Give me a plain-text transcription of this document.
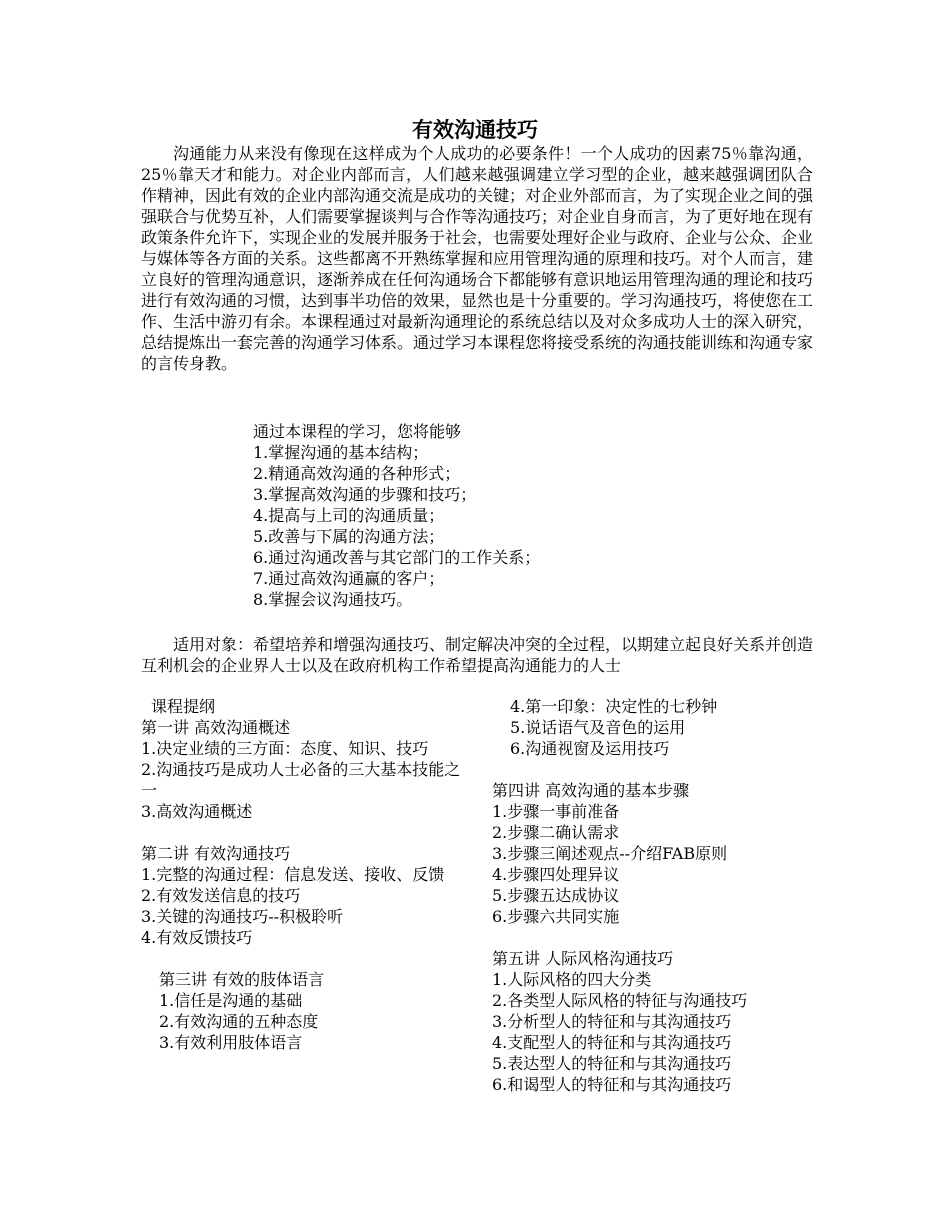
有效沟通技巧

沟通能力从来没有像现在这样成为个人成功的必要条件！一个人成功的因素75％靠沟通，25％靠天才和能力。对企业内部而言，人们越来越强调建立学习型的企业，越来越强调团队合作精神，因此有效的企业内部沟通交流是成功的关键；对企业外部而言，为了实现企业之间的强强联合与优势互补，人们需要掌握谈判与合作等沟通技巧；对企业自身而言，为了更好地在现有政策条件允许下，实现企业的发展并服务于社会，也需要处理好企业与政府、企业与公众、企业与媒体等各方面的关系。这些都离不开熟练掌握和应用管理沟通的原理和技巧。对个人而言，建立良好的管理沟通意识，逐渐养成在任何沟通场合下都能够有意识地运用管理沟通的理论和技巧进行有效沟通的习惯，达到事半功倍的效果，显然也是十分重要的。学习沟通技巧，将使您在工作、生活中游刃有余。本课程通过对最新沟通理论的系统总结以及对众多成功人士的深入研究，总结提炼出一套完善的沟通学习体系。通过学习本课程您将接受系统的沟通技能训练和沟通专家的言传身教。

通过本课程的学习，您将能够
1.掌握沟通的基本结构；
2.精通高效沟通的各种形式；
3.掌握高效沟通的步骤和技巧；
4.提高与上司的沟通质量；
5.改善与下属的沟通方法；
6.通过沟通改善与其它部门的工作关系；
7.通过高效沟通赢的客户；
8.掌握会议沟通技巧。

适用对象：希望培养和增强沟通技巧、制定解决冲突的全过程，以期建立起良好关系并创造互利机会的企业界人士以及在政府机构工作希望提高沟通能力的人士

课程提纲

第一讲 高效沟通概述

1.决定业绩的三方面：态度、知识、技巧
2.沟通技巧是成功人士必备的三大基本技能之一
3.高效沟通概述

第二讲 有效沟通技巧

1.完整的沟通过程：信息发送、接收、反馈
2.有效发送信息的技巧
3.关键的沟通技巧--积极聆听
4.有效反馈技巧

第三讲 有效的肢体语言

1.信任是沟通的基础
2.有效沟通的五种态度
3.有效利用肢体语言
4.第一印象：决定性的七秒钟
5.说话语气及音色的运用
6.沟通视窗及运用技巧

第四讲 高效沟通的基本步骤

1.步骤一事前准备
2.步骤二确认需求
3.步骤三阐述观点--介绍FAB原则
4.步骤四处理异议
5.步骤五达成协议
6.步骤六共同实施

第五讲 人际风格沟通技巧

1.人际风格的四大分类
2.各类型人际风格的特征与沟通技巧
3.分析型人的特征和与其沟通技巧
4.支配型人的特征和与其沟通技巧
5.表达型人的特征和与其沟通技巧
6.和谒型人的特征和与其沟通技巧
